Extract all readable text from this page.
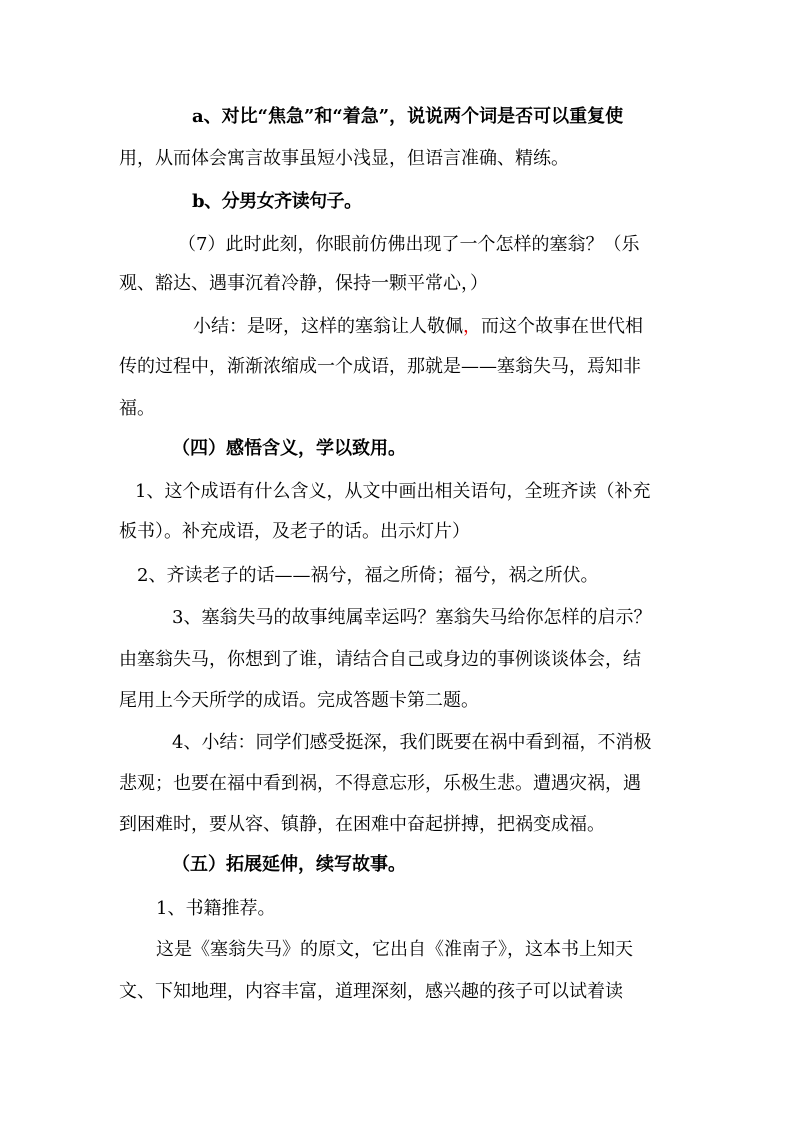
a、对比“焦急”和“着急”，说说两个词是否可以重复使
用，从而体会寓言故事虽短小浅显，但语言准确、精练。
b、分男女齐读句子。
（7）此时此刻，你眼前仿佛出现了一个怎样的塞翁？（乐
观、豁达、遇事沉着冷静，保持一颗平常心，）
小结：是呀，这样的塞翁让人敬佩，而这个故事在世代相
传的过程中，渐渐浓缩成一个成语，那就是——塞翁失马，焉知非
福。
（四）感悟含义，学以致用。
1、这个成语有什么含义，从文中画出相关语句，全班齐读（补充
板书）。补充成语，及老子的话。出示灯片）
2、齐读老子的话——祸兮，福之所倚；福兮，祸之所伏。
3、塞翁失马的故事纯属幸运吗？塞翁失马给你怎样的启示？
由塞翁失马，你想到了谁，请结合自己或身边的事例谈谈体会，结
尾用上今天所学的成语。完成答题卡第二题。
4、小结：同学们感受挺深，我们既要在祸中看到福，不消极
悲观；也要在福中看到祸，不得意忘形，乐极生悲。遭遇灾祸，遇
到困难时，要从容、镇静，在困难中奋起拼搏，把祸变成福。
（五）拓展延伸，续写故事。
1、书籍推荐。
这是《塞翁失马》的原文，它出自《淮南子》，这本书上知天
文、下知地理，内容丰富，道理深刻，感兴趣的孩子可以试着读
